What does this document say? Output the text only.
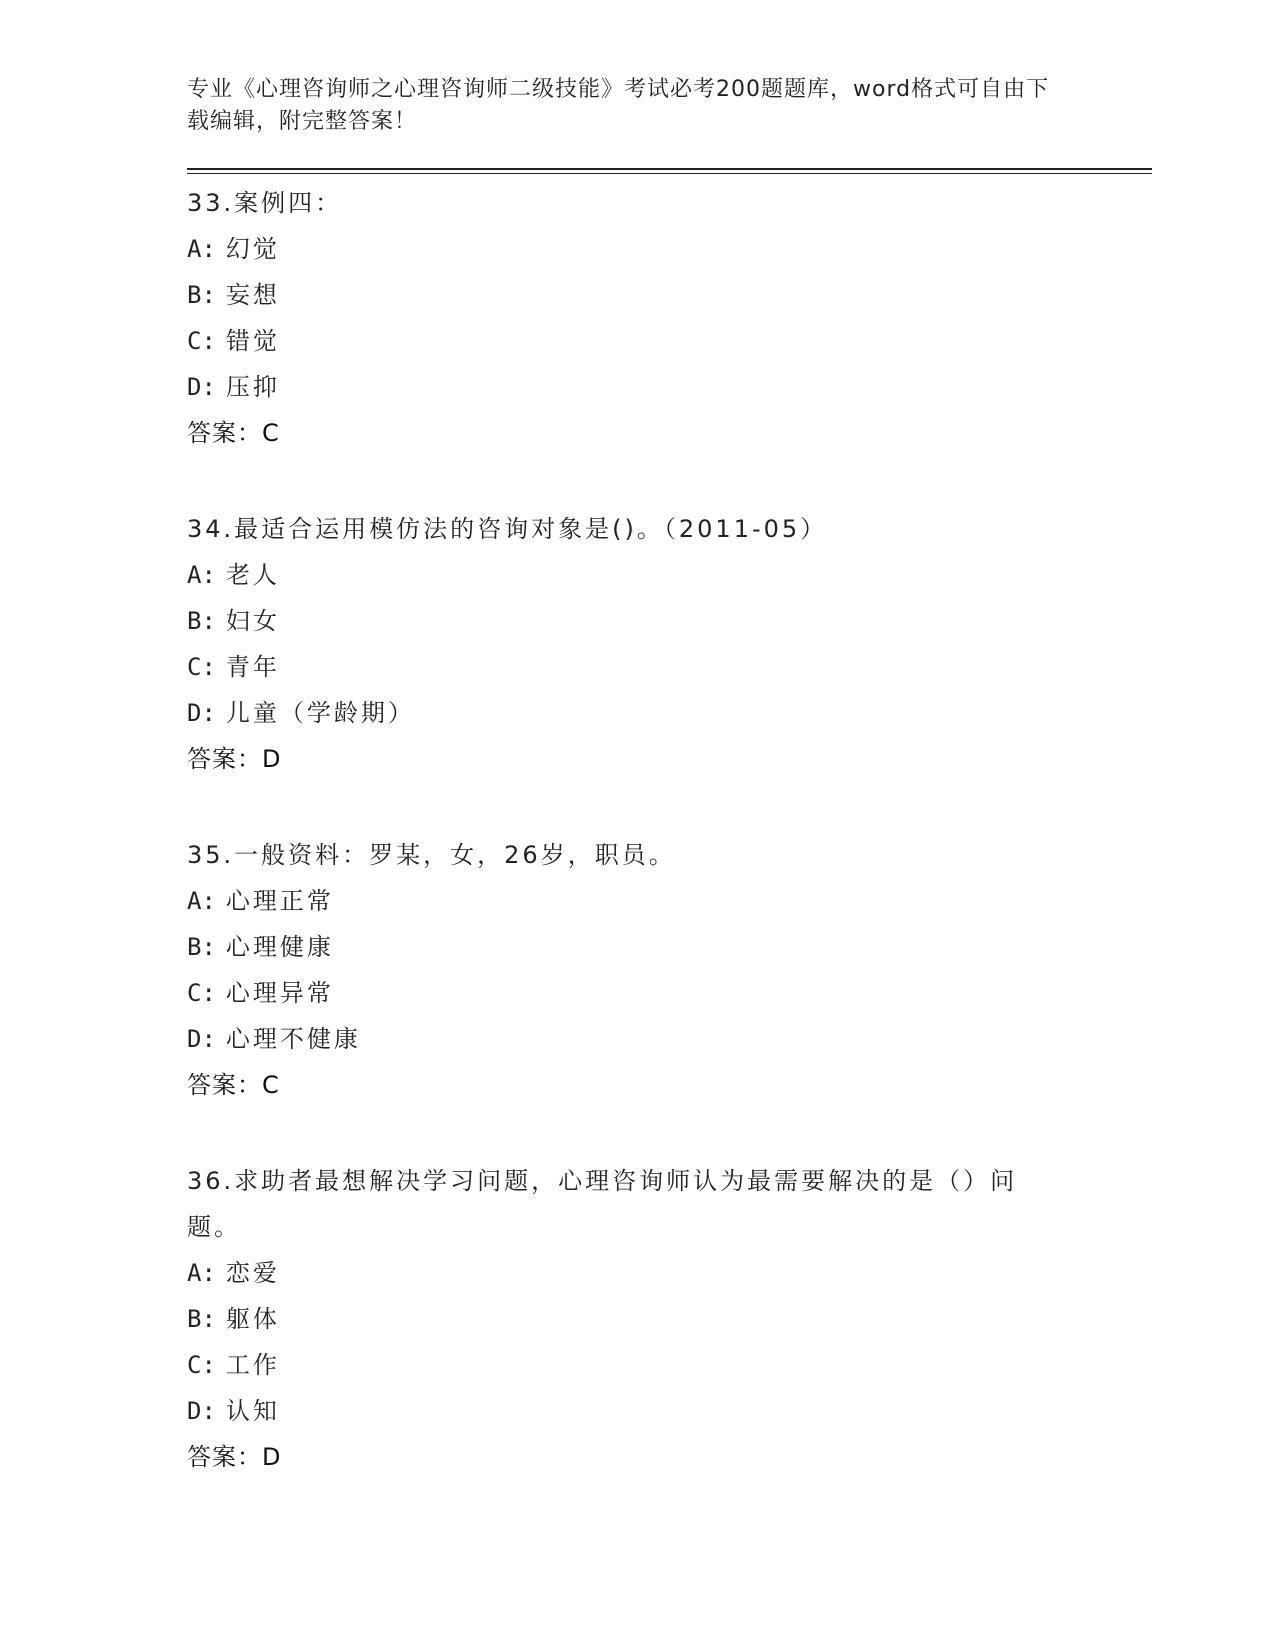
专业《心理咨询师之心理咨询师二级技能》考试必考200题题库，word格式可自由下载编辑，附完整答案！
33.案例四：
A: 幻觉
B: 妄想
C: 错觉
D: 压抑
答案：C
34.最适合运用模仿法的咨询对象是()。（2011-05）
A: 老人
B: 妇女
C: 青年
D: 儿童（学龄期）
答案：D
35.一般资料：罗某，女，26岁，职员。
A: 心理正常
B: 心理健康
C: 心理异常
D: 心理不健康
答案：C
36.求助者最想解决学习问题，心理咨询师认为最需要解决的是（）问题。
A: 恋爱
B: 躯体
C: 工作
D: 认知
答案：D
